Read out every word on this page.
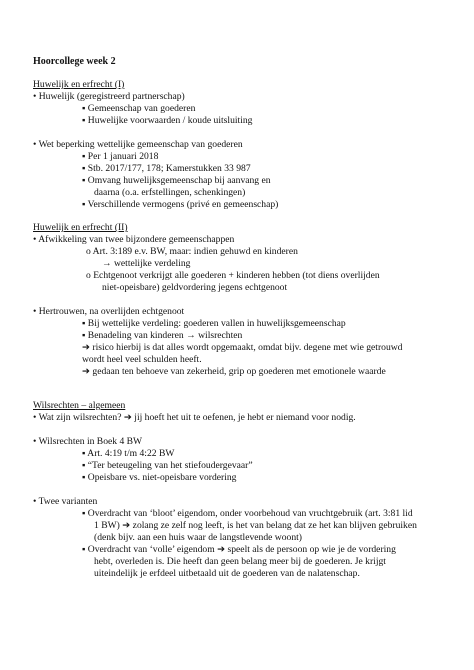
Hoorcollege week 2
Huwelijk en erfrecht (I)
• Huwelijk (geregistreerd partnerschap)
▪ Gemeenschap van goederen
▪ Huwelijke voorwaarden / koude uitsluiting
• Wet beperking wettelijke gemeenschap van goederen
▪ Per 1 januari 2018
▪ Stb. 2017/177, 178; Kamerstukken 33 987
▪ Omvang huwelijksgemeenschap bij aanvang en
daarna (o.a. erfstellingen, schenkingen)
▪ Verschillende vermogens (privé en gemeenschap)
Huwelijk en erfrecht (II)
• Afwikkeling van twee bijzondere gemeenschappen
o Art. 3:189 e.v. BW, maar: indien gehuwd en kinderen
→ wettelijke verdeling
o Echtgenoot verkrijgt alle goederen + kinderen hebben (tot diens overlijden
niet-opeisbare) geldvordering jegens echtgenoot
• Hertrouwen, na overlijden echtgenoot
▪ Bij wettelijke verdeling: goederen vallen in huwelijksgemeenschap
▪ Benadeling van kinderen → wilsrechten
➔ risico hierbij is dat alles wordt opgemaakt, omdat bijv. degene met wie getrouwd
wordt heel veel schulden heeft.
➔ gedaan ten behoeve van zekerheid, grip op goederen met emotionele waarde
Wilsrechten – algemeen
• Wat zijn wilsrechten? ➔ jij hoeft het uit te oefenen, je hebt er niemand voor nodig.
• Wilsrechten in Boek 4 BW
▪ Art. 4:19 t/m 4:22 BW
▪ “Ter beteugeling van het stiefoudergevaar”
▪ Opeisbare vs. niet-opeisbare vordering
• Twee varianten
▪ Overdracht van ‘bloot’ eigendom, onder voorbehoud van vruchtgebruik (art. 3:81 lid
1 BW) ➔ zolang ze zelf nog leeft, is het van belang dat ze het kan blijven gebruiken
(denk bijv. aan een huis waar de langstlevende woont)
▪ Overdracht van ‘volle’ eigendom ➔ speelt als de persoon op wie je de vordering
hebt, overleden is. Die heeft dan geen belang meer bij de goederen. Je krijgt
uiteindelijk je erfdeel uitbetaald uit de goederen van de nalatenschap.
